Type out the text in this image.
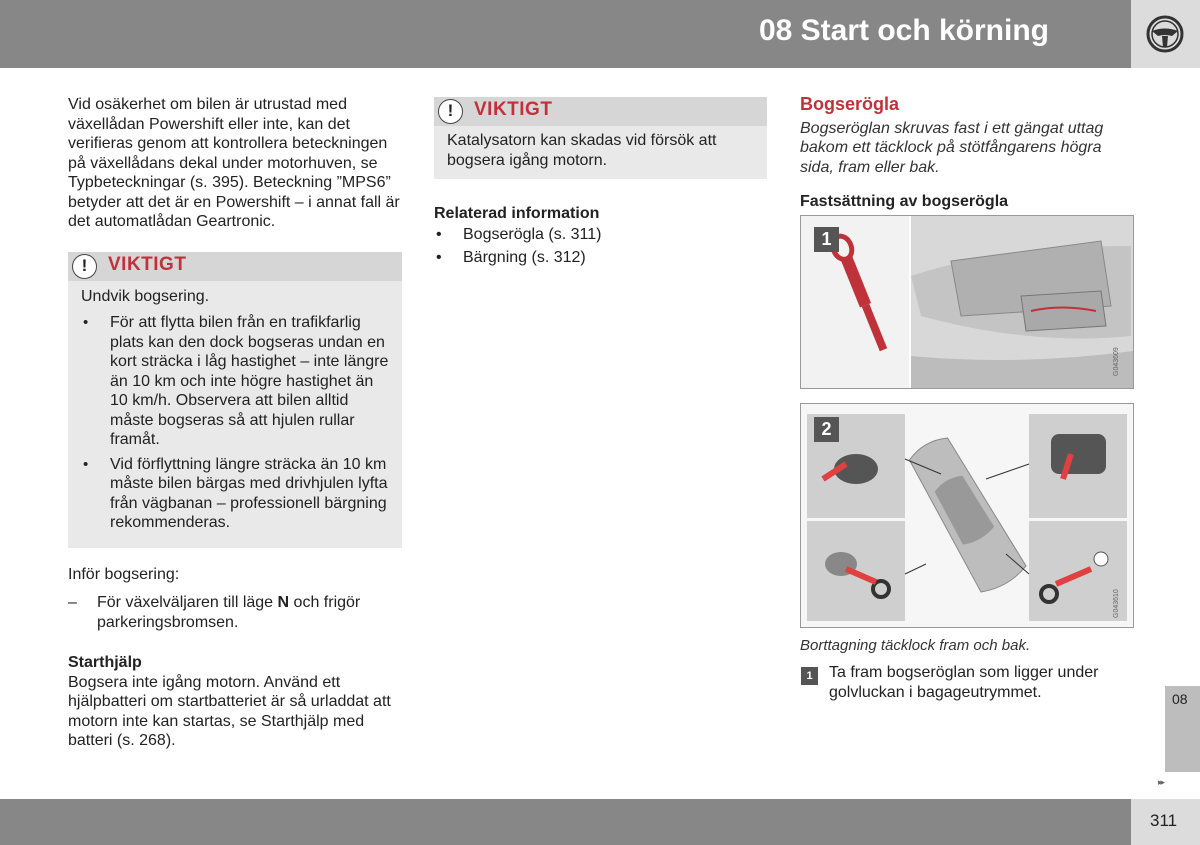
08 Start och körning

Vid osäkerhet om bilen är utrustad med växellådan Powershift eller inte, kan det verifieras genom att kontrollera beteckningen på växellådans dekal under motorhuven, se Typbeteckningar (s. 395). Beteckning ”MPS6” betyder att det är en Powershift – i annat fall är det automatlådan Geartronic.

!	VIKTIGT

Undvik bogsering.

• För att flytta bilen från en trafikfarlig plats kan den dock bogseras undan en kort sträcka i låg hastighet – inte längre än 10 km och inte högre hastighet än 10 km/h. Observera att bilen alltid måste bogseras så att hjulen rullar framåt.
• Vid förflyttning längre sträcka än 10 km måste bilen bärgas med drivhjulen lyfta från vägbanan – professionell bärgning rekommenderas.

Inför bogsering:

– För växelväljaren till läge N och frigör parkeringsbromsen.
Starthjälp

Bogsera inte igång motorn. Använd ett hjälpbatteri om startbatteriet är så urladdat att motorn inte kan startas, se Starthjälp med batteri (s. 268).

!	VIKTIGT

Katalysatorn kan skadas vid försök att bogsera igång motorn.

Relaterad information
• Bogserögla (s. 311)
• Bärgning (s. 312)
Bogserögla

Bogseröglan skruvas fast i ett gängat uttag bakom ett täcklock på stötfångarens högra sida, fram eller bak.

Fastsättning av bogserögla
1
G043609
2
G043610
Borttagning täcklock fram och bak.
1	Ta fram bogseröglan som ligger under golvluckan i bagageutrymmet.	08
▸▸
311
